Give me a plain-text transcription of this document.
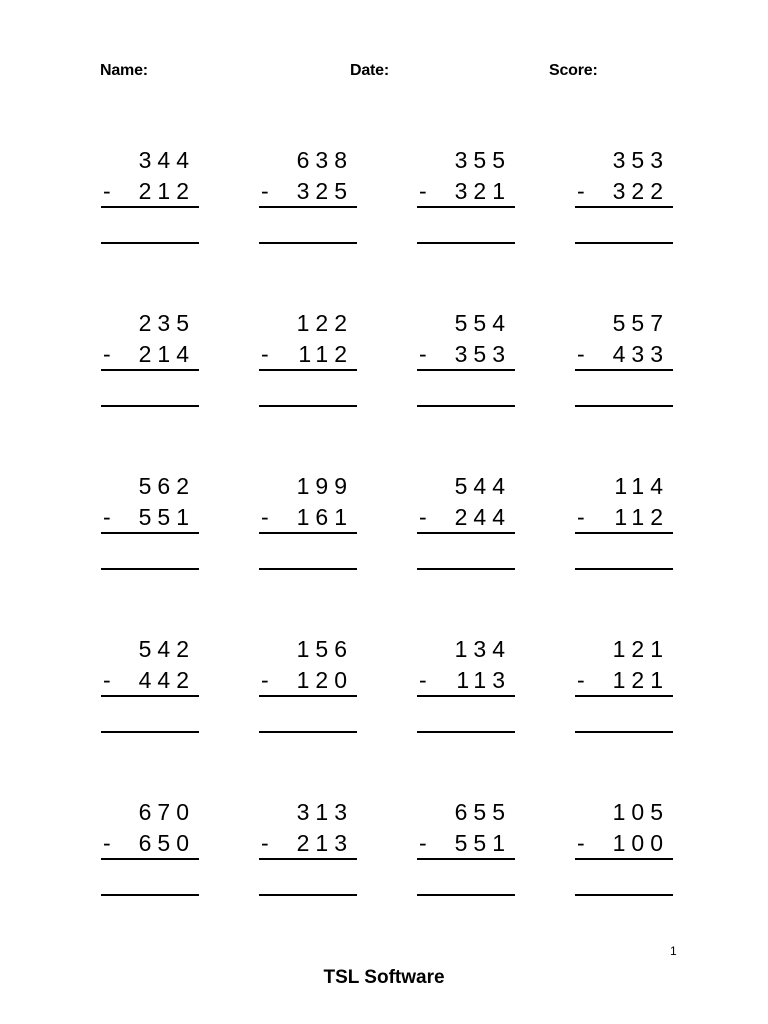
Name:	Date:	Score:
344
- 212
638
- 325
355
- 321
353
- 322
235
- 214
122
- 112
554
- 353
557
- 433
562
- 551
199
- 161
544
- 244
114
- 112
542
- 442
156
- 120
134
- 113
121
- 121
670
- 650
313
- 213
655
- 551
105
- 100
1
TSL Software
